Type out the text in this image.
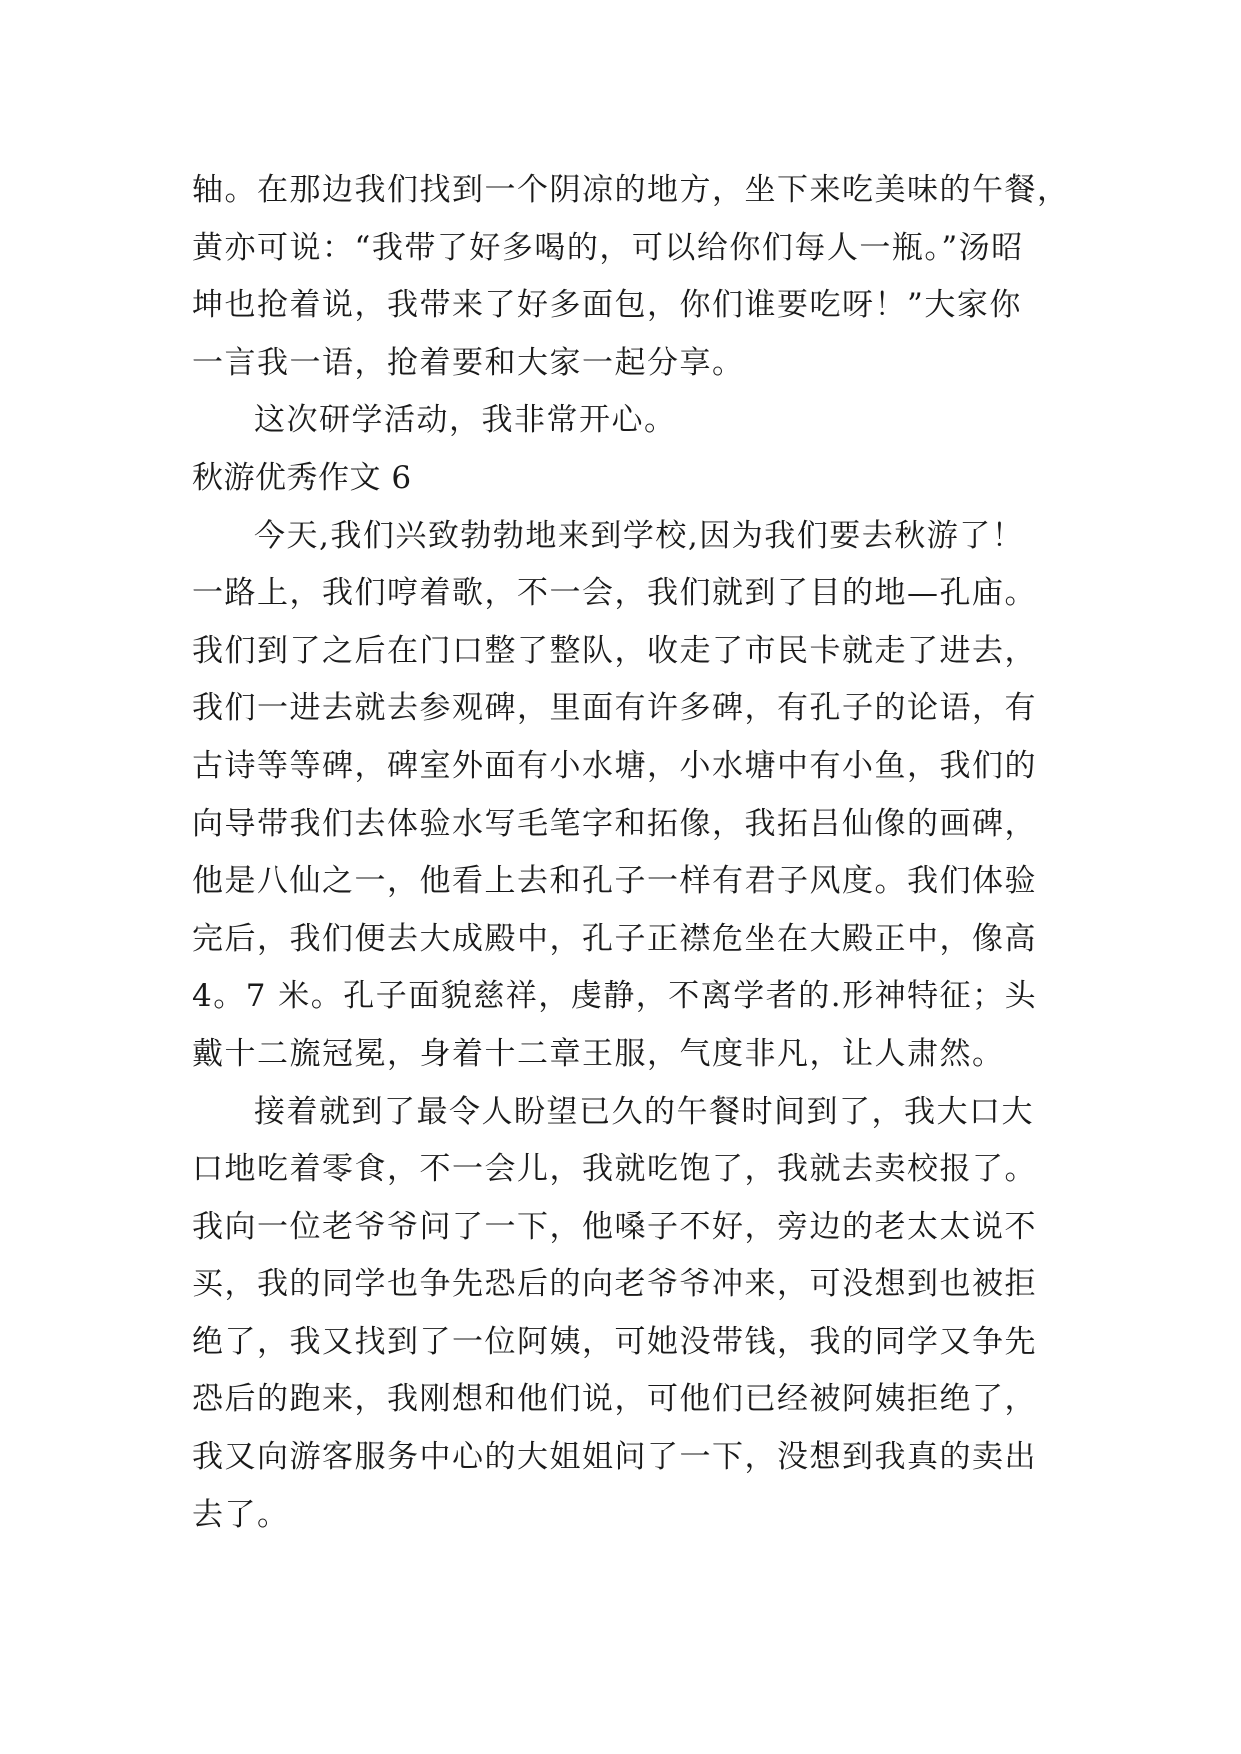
轴。在那边我们找到一个阴凉的地方，坐下来吃美味的午餐，
黄亦可说：“我带了好多喝的，可以给你们每人一瓶。”汤昭
坤也抢着说，我带来了好多面包，你们谁要吃呀！”大家你
一言我一语，抢着要和大家一起分享。
这次研学活动，我非常开心。
秋游优秀作文 6
今天,我们兴致勃勃地来到学校,因为我们要去秋游了！
一路上，我们哼着歌，不一会，我们就到了目的地—孔庙。
我们到了之后在门口整了整队，收走了市民卡就走了进去，
我们一进去就去参观碑，里面有许多碑，有孔子的论语，有
古诗等等碑，碑室外面有小水塘，小水塘中有小鱼，我们的
向导带我们去体验水写毛笔字和拓像，我拓吕仙像的画碑，
他是八仙之一，他看上去和孔子一样有君子风度。我们体验
完后，我们便去大成殿中，孔子正襟危坐在大殿正中，像高
4。7 米。孔子面貌慈祥，虔静，不离学者的.形神特征；头
戴十二旒冠冕，身着十二章王服，气度非凡，让人肃然。
接着就到了最令人盼望已久的午餐时间到了，我大口大
口地吃着零食，不一会儿，我就吃饱了，我就去卖校报了。
我向一位老爷爷问了一下，他嗓子不好，旁边的老太太说不
买，我的同学也争先恐后的向老爷爷冲来，可没想到也被拒
绝了，我又找到了一位阿姨，可她没带钱，我的同学又争先
恐后的跑来，我刚想和他们说，可他们已经被阿姨拒绝了，
我又向游客服务中心的大姐姐问了一下，没想到我真的卖出
去了。
